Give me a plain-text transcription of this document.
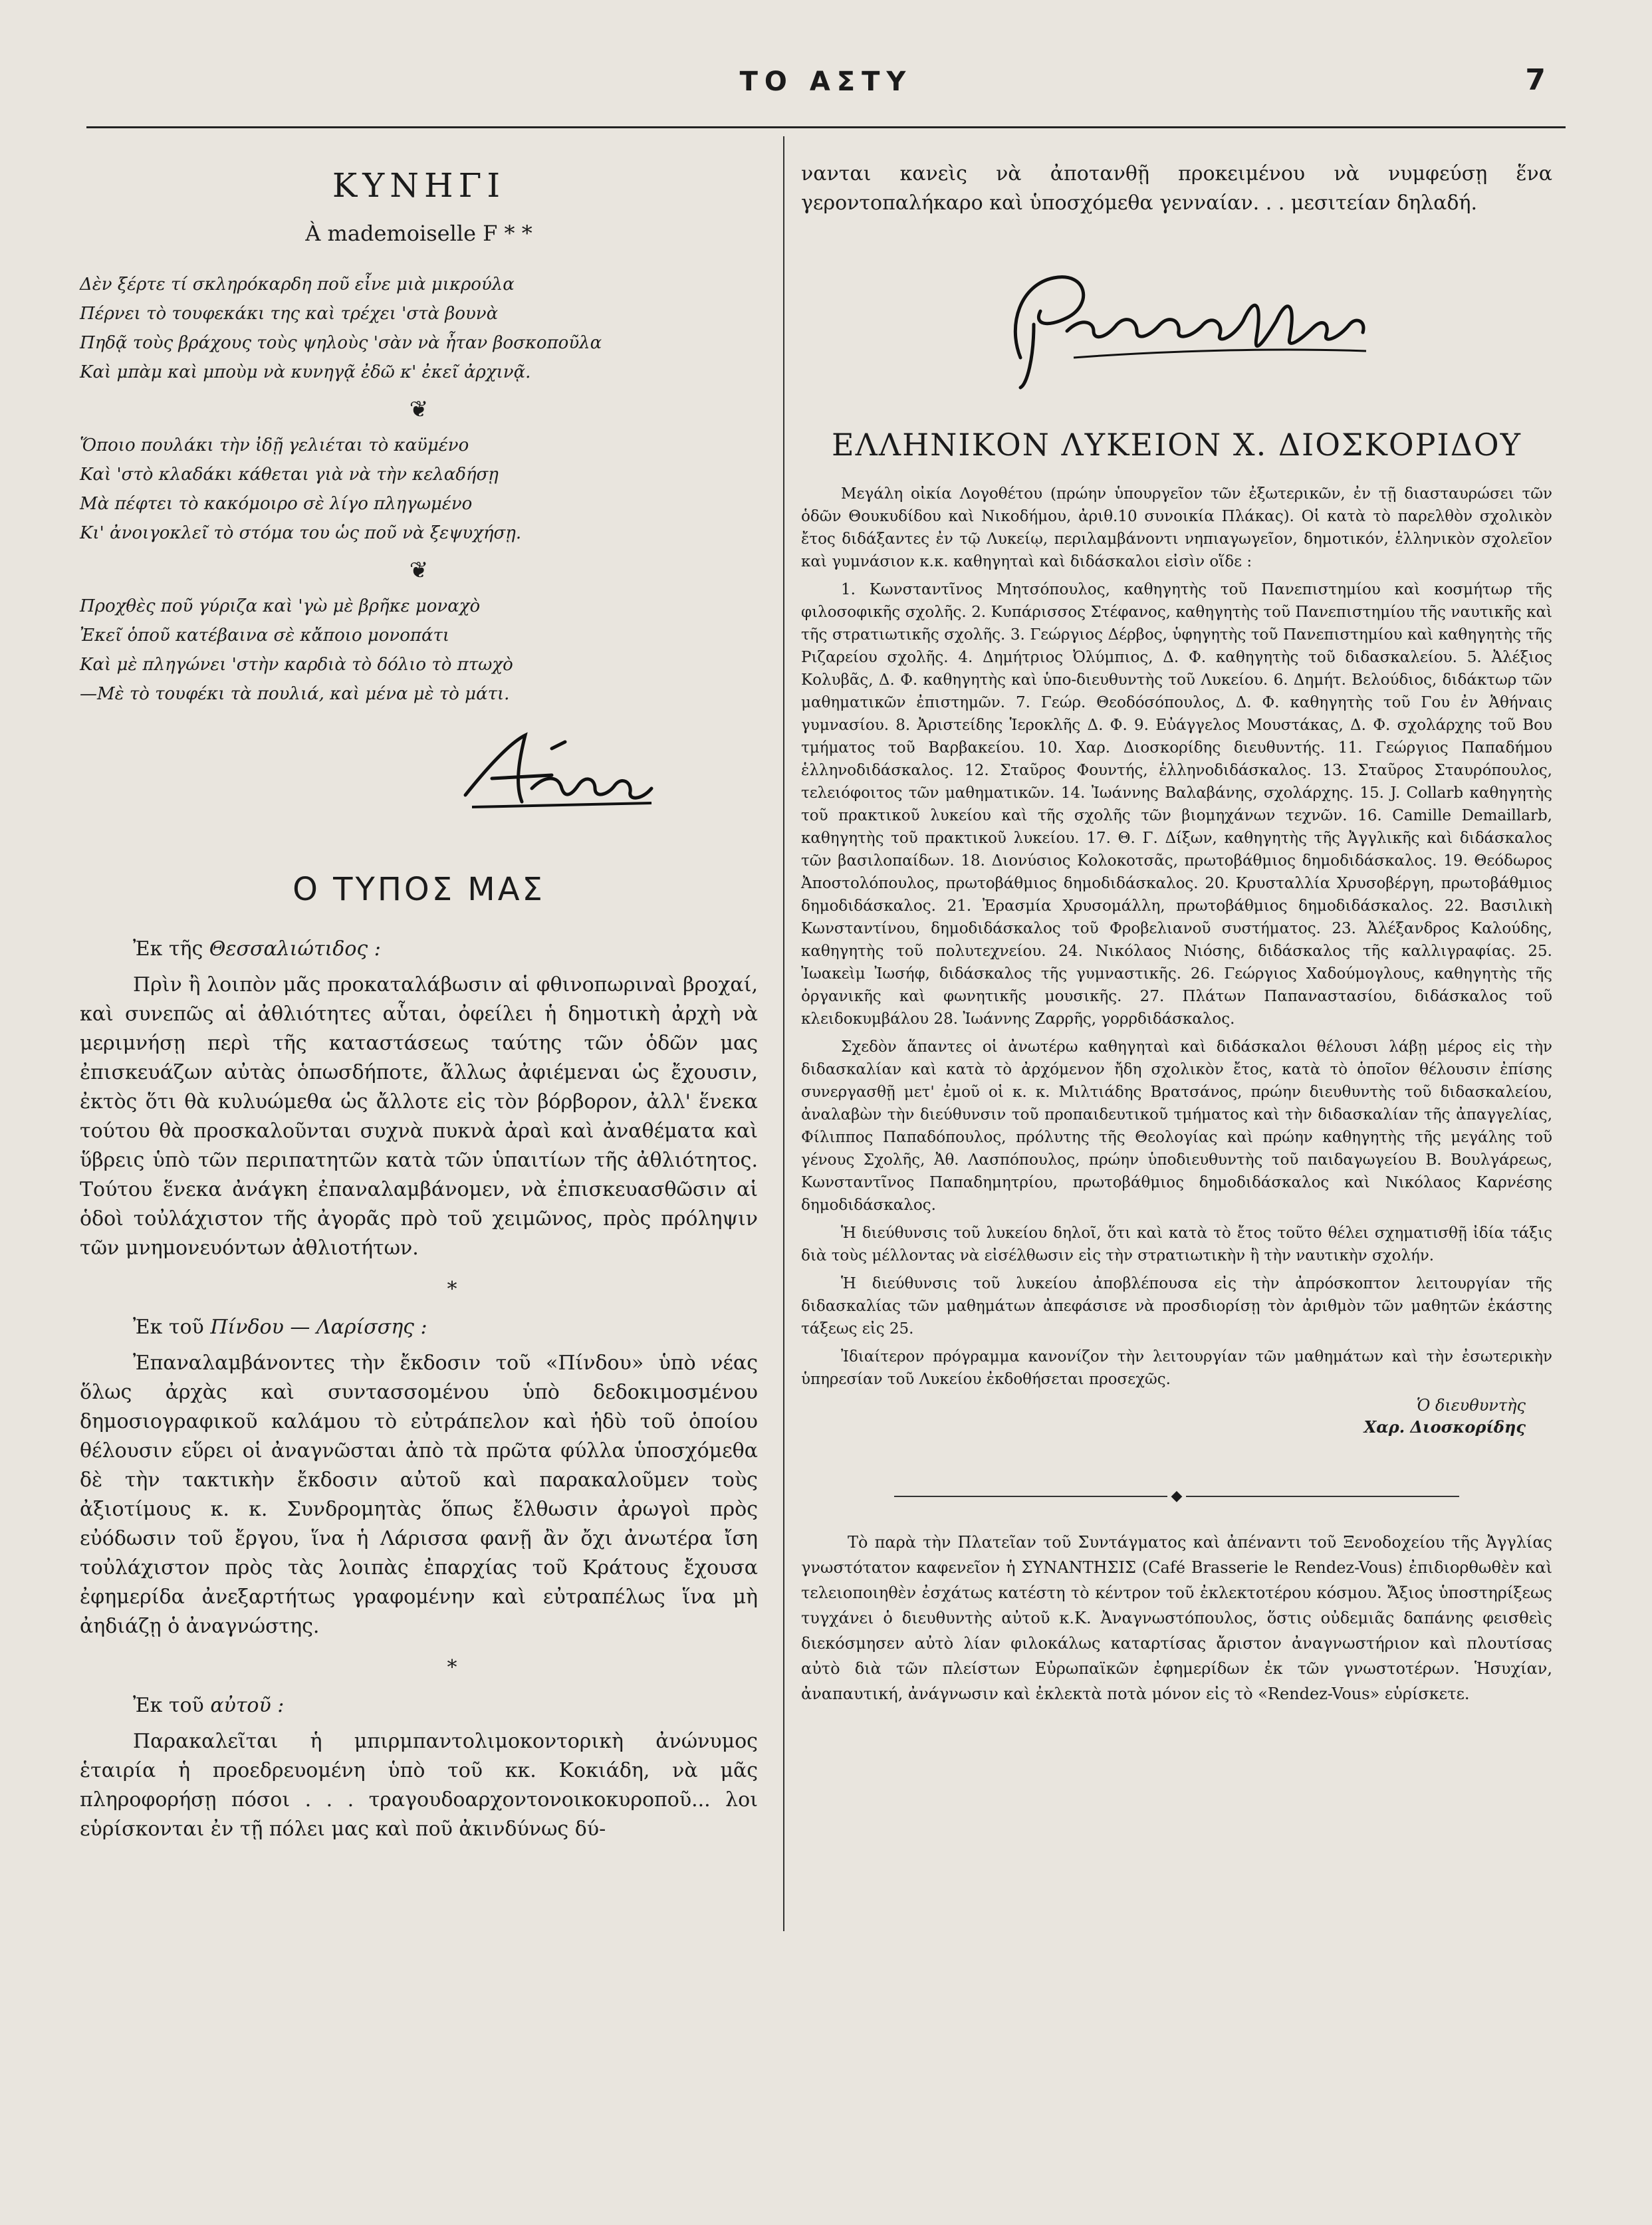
ΤΟ ΑΣΤΥ	7
ΚΥΝΗΓΙ
À mademoiselle F * *
Δὲν ξέρτε τί σκληρόκαρδη ποῦ εἶνε μιὰ μικρούλα
Πέρνει τὸ τουφεκάκι της καὶ τρέχει 'στὰ βουνὰ
Πηδᾷ τοὺς βράχους τοὺς ψηλοὺς 'σὰν νὰ ἦταν βοσκοποῦλα
Καὶ μπὰμ καὶ μποὺμ νὰ κυνηγᾷ ἐδῶ κ' ἐκεῖ ἀρχινᾷ.
❦
Ὅποιο πουλάκι τὴν ἰδῇ γελιέται τὸ καϋμένο
Καὶ 'στὸ κλαδάκι κάθεται γιὰ νὰ τὴν κελαδήσῃ
Μὰ πέφτει τὸ κακόμοιρο σὲ λίγο πληγωμένο
Κι' ἀνοιγοκλεῖ τὸ στόμα του ὡς ποῦ νὰ ξεψυχήσῃ.
❦
Προχθὲς ποῦ γύριζα καὶ 'γὼ μὲ βρῆκε μοναχὸ
Ἐκεῖ ὁποῦ κατέβαινα σὲ κἄποιο μονοπάτι
Καὶ μὲ πληγώνει 'στὴν καρδιὰ τὸ δόλιο τὸ πτωχὸ
—Μὲ τὸ τουφέκι τὰ πουλιά, καὶ μένα μὲ τὸ μάτι.
Ο ΤΥΠΟΣ ΜΑΣ
Ἐκ τῆς Θεσσαλιώτιδος :

Πρὶν ἢ λοιπὸν μᾶς προκαταλάβωσιν αἱ φθινοπωριναὶ βροχαί, καὶ συνεπῶς αἱ ἀθλιότητες αὗται, ὀφείλει ἡ δημοτικὴ ἀρχὴ νὰ μεριμνήσῃ περὶ τῆς καταστάσεως ταύτης τῶν ὁδῶν μας ἐπισκευάζων αὐτὰς ὁπωσδήποτε, ἄλλως ἀφιέμεναι ὡς ἔχουσιν, ἐκτὸς ὅτι θὰ κυλυώμεθα ὡς ἄλλοτε εἰς τὸν βόρβορον, ἀλλ' ἕνεκα τούτου θὰ προσκαλοῦνται συχνὰ πυκνὰ ἀραὶ καὶ ἀναθέματα καὶ ὕβρεις ὑπὸ τῶν περιπατητῶν κατὰ τῶν ὑπαιτίων τῆς ἀθλιότητος. Τούτου ἕνεκα ἀνάγκη ἐπαναλαμβάνομεν, νὰ ἐπισκευασθῶσιν αἱ ὁδοὶ τοὐλάχιστον τῆς ἀγορᾶς πρὸ τοῦ χειμῶνος, πρὸς πρόληψιν τῶν μνημονευόντων ἀθλιοτήτων.

*
Ἐκ τοῦ Πίνδου — Λαρίσσης :

Ἐπαναλαμβάνοντες τὴν ἔκδοσιν τοῦ «Πίνδου» ὑπὸ νέας ὅλως ἀρχὰς καὶ συντασσομένου ὑπὸ δεδοκιμοσμένου δημοσιογραφικοῦ καλάμου τὸ εὐτράπελον καὶ ἡδὺ τοῦ ὁποίου θέλουσιν εὕρει οἱ ἀναγνῶσται ἀπὸ τὰ πρῶτα φύλλα ὑποσχόμεθα δὲ τὴν τακτικὴν ἔκδοσιν αὐτοῦ καὶ παρακαλοῦμεν τοὺς ἀξιοτίμους κ. κ. Συνδρομητὰς ὅπως ἔλθωσιν ἀρωγοὶ πρὸς εὐόδωσιν τοῦ ἔργου, ἵνα ἡ Λάρισσα φανῇ ἂν ὄχι ἀνωτέρα ἴση τοὐλάχιστον πρὸς τὰς λοιπὰς ἐπαρχίας τοῦ Κράτους ἔχουσα ἐφημερίδα ἀνεξαρτήτως γραφομένην καὶ εὐτραπέλως ἵνα μὴ ἀηδιάζῃ ὁ ἀναγνώστης.

*
Ἐκ τοῦ αὐτοῦ :

Παρακαλεῖται ἡ μπιρμπαντολιμοκοντορικὴ ἀνώνυμος ἑταιρία ἡ προεδρευομένη ὑπὸ τοῦ κκ. Κοκιάδη, νὰ μᾶς πληροφορήσῃ πόσοι . . . τραγουδοαρχοντονοικοκυροποῦ... λοι εὑρίσκονται ἐν τῇ πόλει μας καὶ ποῦ ἀκινδύνως δύ-

νανται κανεὶς νὰ ἀποτανθῇ προκειμένου νὰ νυμφεύσῃ ἕνα γεροντοπαλήκαρο καὶ ὑποσχόμεθα γενναίαν. . . μεσιτείαν δηλαδή.

ΕΛΛΗΝΙΚΟΝ ΛΥΚΕΙΟΝ Χ. ΔΙΟΣΚΟΡΙΔΟΥ

Μεγάλη οἰκία Λογοθέτου (πρώην ὑπουργεῖον τῶν ἐξωτερικῶν, ἐν τῇ διασταυρώσει τῶν ὁδῶν Θουκυδίδου καὶ Νικοδήμου, ἀριθ.10 συνοικία Πλάκας). Οἱ κατὰ τὸ παρελθὸν σχολικὸν ἔτος διδάξαντες ἐν τῷ Λυκείῳ, περιλαμβάνοντι νηπιαγωγεῖον, δημοτικόν, ἑλληνικὸν σχολεῖον καὶ γυμνάσιον κ.κ. καθηγηταὶ καὶ διδάσκαλοι εἰσὶν οἵδε :

1. Κωνσταντῖνος Μητσόπουλος, καθηγητὴς τοῦ Πανεπιστημίου καὶ κοσμήτωρ τῆς φιλοσοφικῆς σχολῆς. 2. Κυπάρισσος Στέφανος, καθηγητὴς τοῦ Πανεπιστημίου τῆς ναυτικῆς καὶ τῆς στρατιωτικῆς σχολῆς. 3. Γεώργιος Δέρβος, ὑφηγητὴς τοῦ Πανεπιστημίου καὶ καθηγητὴς τῆς Ριζαρείου σχολῆς. 4. Δημήτριος Ὀλύμπιος, Δ. Φ. καθηγητὴς τοῦ διδασκαλείου. 5. Ἀλέξιος Κολυβᾶς, Δ. Φ. καθηγητὴς καὶ ὑπο-διευθυντὴς τοῦ Λυκείου. 6. Δημήτ. Βελούδιος, διδάκτωρ τῶν μαθηματικῶν ἐπιστημῶν. 7. Γεώρ. Θεοδόσόπουλος, Δ. Φ. καθηγητὴς τοῦ Γου ἐν Ἀθήναις γυμνασίου. 8. Ἀριστείδης Ἱεροκλῆς Δ. Φ. 9. Εὐάγγελος Μουστάκας, Δ. Φ. σχολάρχης τοῦ Βου τμήματος τοῦ Βαρβακείου. 10. Χαρ. Διοσκορίδης διευθυντής. 11. Γεώργιος Παπαδήμου ἑλληνοδιδάσκαλος. 12. Σταῦρος Φουντής, ἑλληνοδιδάσκαλος. 13. Σταῦρος Σταυρόπουλος, τελειόφοιτος τῶν μαθηματικῶν. 14. Ἰωάννης Βαλαβάνης, σχολάρχης. 15. J. Collarb καθηγητὴς τοῦ πρακτικοῦ λυκείου καὶ τῆς σχολῆς τῶν βιομηχάνων τεχνῶν. 16. Camille Demaillarb, καθηγητὴς τοῦ πρακτικοῦ λυκείου. 17. Θ. Γ. Δίξων, καθηγητὴς τῆς Ἀγγλικῆς καὶ διδάσκαλος τῶν βασιλοπαίδων. 18. Διονύσιος Κολοκοτσᾶς, πρωτοβάθμιος δημοδιδάσκαλος. 19. Θεόδωρος Ἀποστολόπουλος, πρωτοβάθμιος δημοδιδάσκαλος. 20. Κρυσταλλία Χρυσοβέργη, πρωτοβάθμιος δημοδιδάσκαλος. 21. Ἐρασμία Χρυσομάλλη, πρωτοβάθμιος δημοδιδάσκαλος. 22. Βασιλικὴ Κωνσταντίνου, δημοδιδάσκαλος τοῦ Φροβελιανοῦ συστήματος. 23. Ἀλέξανδρος Καλούδης, καθηγητὴς τοῦ πολυτεχνείου. 24. Νικόλαος Νιόσης, διδάσκαλος τῆς καλλιγραφίας. 25. Ἰωακεὶμ Ἰωσήφ, διδάσκαλος τῆς γυμναστικῆς. 26. Γεώργιος Χαδούμογλους, καθηγητὴς τῆς ὀργανικῆς καὶ φωνητικῆς μουσικῆς. 27. Πλάτων Παπαναστασίου, διδάσκαλος τοῦ κλειδοκυμβάλου 28. Ἰωάννης Ζαρρῆς, γορρδιδάσκαλος.

Σχεδὸν ἅπαντες οἱ ἀνωτέρω καθηγηταὶ καὶ διδάσκαλοι θέλουσι λάβῃ μέρος εἰς τὴν διδασκαλίαν καὶ κατὰ τὸ ἀρχόμενον ἤδη σχολικὸν ἔτος, κατὰ τὸ ὁποῖον θέλουσιν ἐπίσης συνεργασθῇ μετ' ἐμοῦ οἱ κ. κ. Μιλτιάδης Βρατσάνος, πρώην διευθυντὴς τοῦ διδασκαλείου, ἀναλαβὼν τὴν διεύθυνσιν τοῦ προπαιδευτικοῦ τμήματος καὶ τὴν διδασκαλίαν τῆς ἀπαγγελίας, Φίλιππος Παπαδόπουλος, πρόλυτης τῆς Θεολογίας καὶ πρώην καθηγητὴς τῆς μεγάλης τοῦ γένους Σχολῆς, Ἀθ. Λασπόπουλος, πρώην ὑποδιευθυντὴς τοῦ παιδαγωγείου Β. Βουλγάρεως, Κωνσταντῖνος Παπαδημητρίου, πρωτοβάθμιος δημοδιδάσκαλος καὶ Νικόλαος Καρνέσης δημοδιδάσκαλος.

Ἡ διεύθυνσις τοῦ λυκείου δηλοῖ, ὅτι καὶ κατὰ τὸ ἔτος τοῦτο θέλει σχηματισθῇ ἰδία τάξις διὰ τοὺς μέλλοντας νὰ εἰσέλθωσιν εἰς τὴν στρατιωτικὴν ἢ τὴν ναυτικὴν σχολήν.

Ἡ διεύθυνσις τοῦ λυκείου ἀποβλέπουσα εἰς τὴν ἀπρόσκοπτον λειτουργίαν τῆς διδασκαλίας τῶν μαθημάτων ἀπεφάσισε νὰ προσδιορίσῃ τὸν ἀριθμὸν τῶν μαθητῶν ἑκάστης τάξεως εἰς 25.

Ἰδιαίτερον πρόγραμμα κανονίζον τὴν λειτουργίαν τῶν μαθημάτων καὶ τὴν ἐσωτερικὴν ὑπηρεσίαν τοῦ Λυκείου ἐκδοθήσεται προσεχῶς.

Ὁ διευθυντὴς
Χαρ. Διοσκορίδης
◆

Τὸ παρὰ τὴν Πλατεῖαν τοῦ Συντάγματος καὶ ἀπέναντι τοῦ Ξενοδοχείου τῆς Ἀγγλίας γνωστότατον καφενεῖον ἡ ΣΥΝΑΝΤΗΣΙΣ (Café Brasserie le Rendez-Vous) ἐπιδιορθωθὲν καὶ τελειοποιηθὲν ἐσχάτως κατέστη τὸ κέντρον τοῦ ἐκλεκτοτέρου κόσμου. Ἄξιος ὑποστηρίξεως τυγχάνει ὁ διευθυντὴς αὐτοῦ κ.Κ. Ἀναγνωστόπουλος, ὅστις οὐδεμιᾶς δαπάνης φεισθεὶς διεκόσμησεν αὐτὸ λίαν φιλοκάλως καταρτίσας ἄριστον ἀναγνωστήριον καὶ πλουτίσας αὐτὸ διὰ τῶν πλείστων Εὐρωπαϊκῶν ἐφημερίδων ἐκ τῶν γνωστοτέρων. Ἡσυχίαν, ἀναπαυτική, ἀνάγνωσιν καὶ ἐκλεκτὰ ποτὰ μόνον εἰς τὸ «Rendez-Vous» εὑρίσκετε.
